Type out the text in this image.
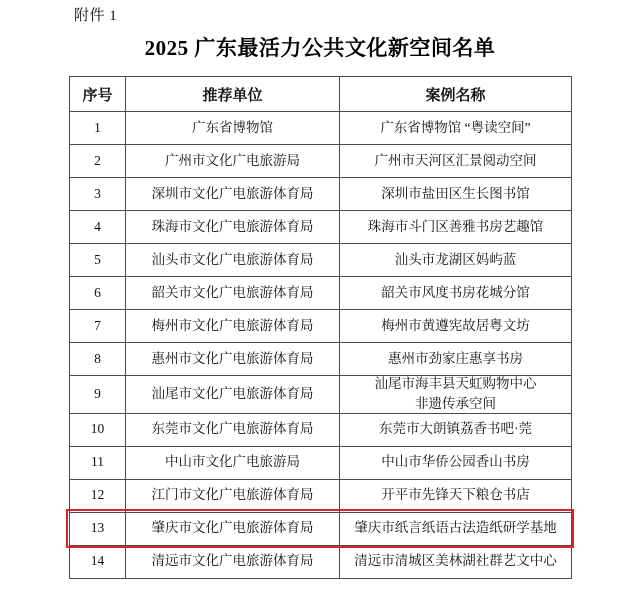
附件 1
2025 广东最活力公共文化新空间名单
序号	推荐单位	案例名称
1	广东省博物馆	广东省博物馆 “粤读空间”
2	广州市文化广电旅游局	广州市天河区汇景阅动空间
3	深圳市文化广电旅游体育局	深圳市盐田区生长图书馆
4	珠海市文化广电旅游体育局	珠海市斗门区善雅书房艺趣馆
5	汕头市文化广电旅游体育局	汕头市龙湖区妈屿蓝
6	韶关市文化广电旅游体育局	韶关市风度书房花城分馆
7	梅州市文化广电旅游体育局	梅州市黄遵宪故居粤文坊
8	惠州市文化广电旅游体育局	惠州市劲家庄惠享书房
9	汕尾市文化广电旅游体育局	汕尾市海丰县天虹购物中心
非遗传承空间

10	东莞市文化广电旅游体育局	东莞市大朗镇荔香书吧·莞
11	中山市文化广电旅游局	中山市华侨公园香山书房
12	江门市文化广电旅游体育局	开平市先锋天下粮仓书店
13	肇庆市文化广电旅游体育局	肇庆市纸言纸语古法造纸研学基地
14	清远市文化广电旅游体育局	清远市清城区美林湖社群艺文中心
